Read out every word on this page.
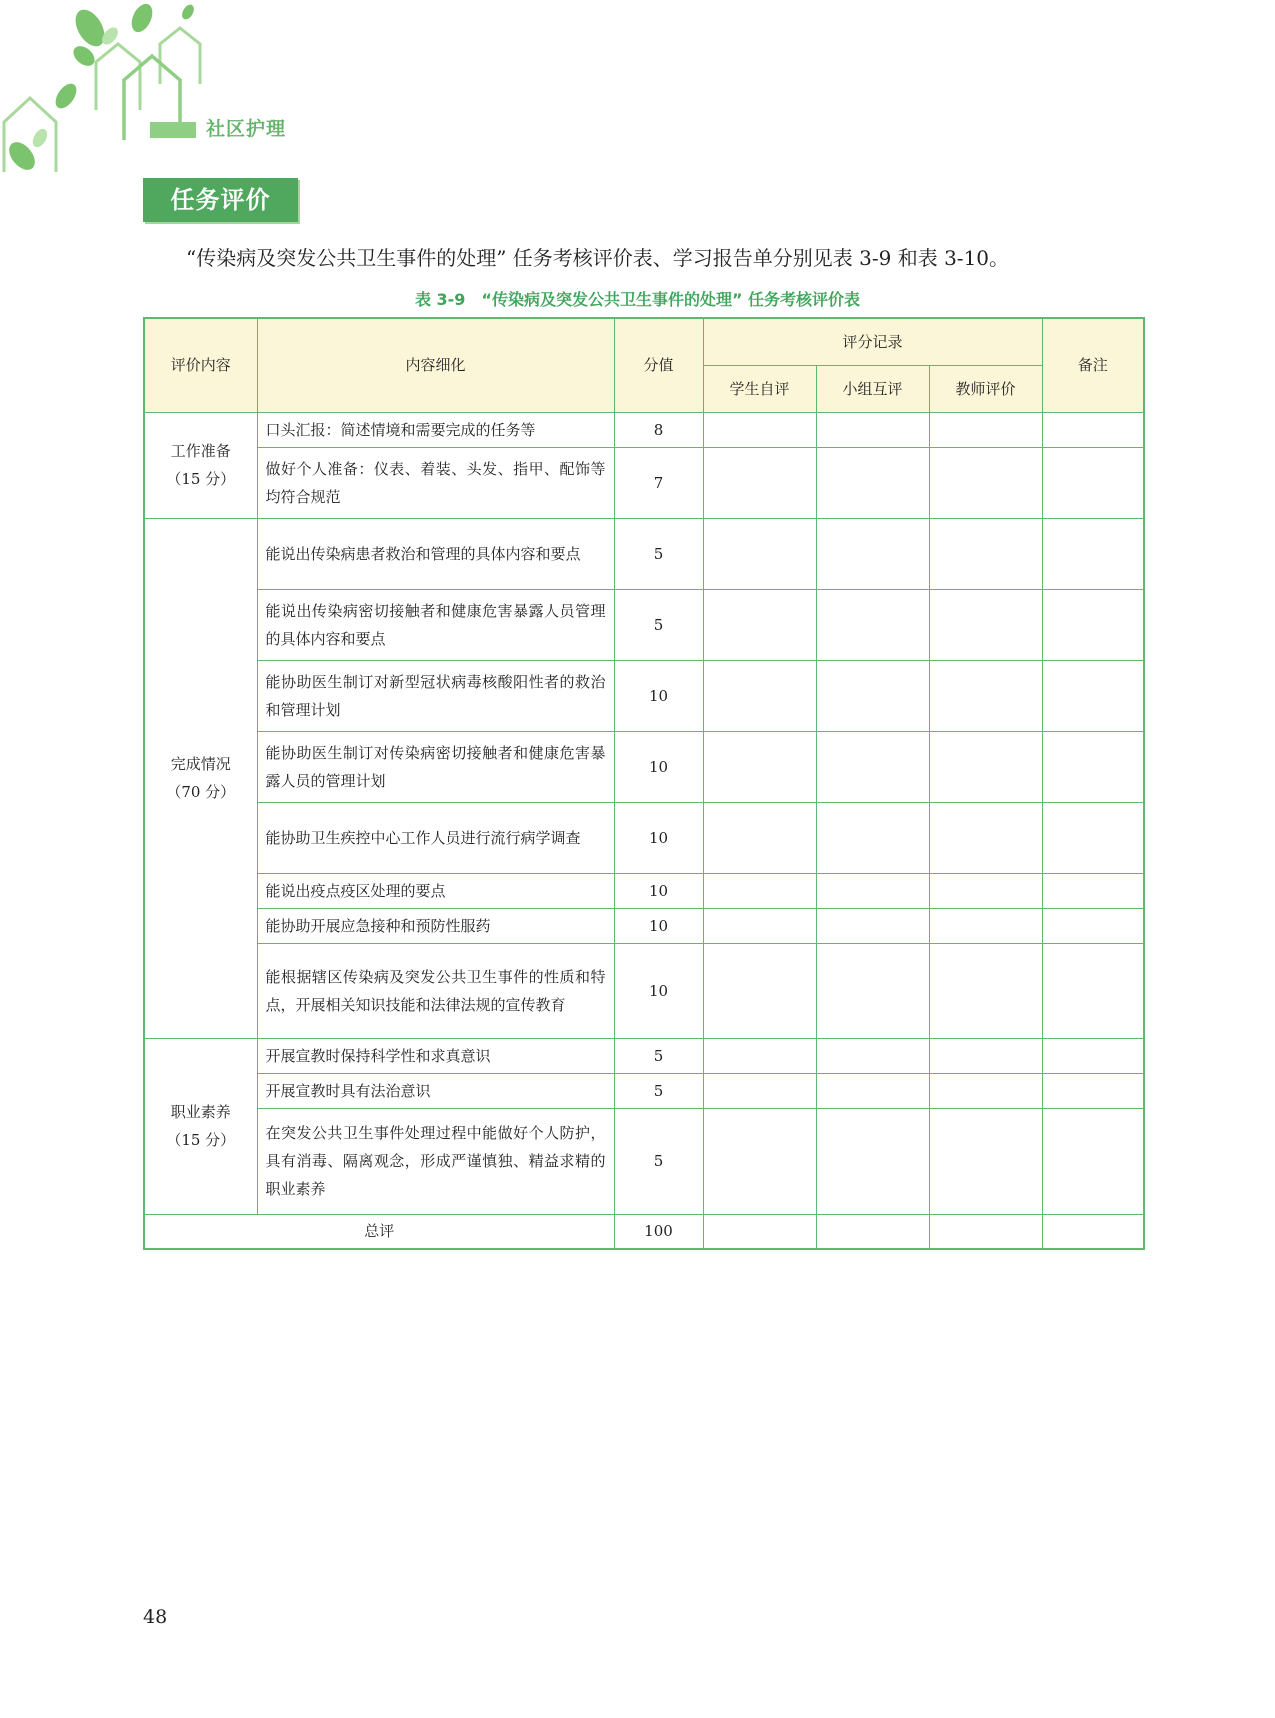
社区护理
任务评价
“传染病及突发公共卫生事件的处理” 任务考核评价表、学习报告单分别见表 3-9 和表 3-10。
表 3-9　“传染病及突发公共卫生事件的处理” 任务考核评价表
评价内容	内容细化	分值	评分记录			备注
			学生自评	小组互评	教师评价	

工作准备
（15 分）	口头汇报：简述情境和需要完成的任务等	8				
	做好个人准备：仪表、着装、头发、指甲、配饰等均符合规范	7				

完成情况
（70 分）	能说出传染病患者救治和管理的具体内容和要点	5				
	能说出传染病密切接触者和健康危害暴露人员管理的具体内容和要点	5				
	能协助医生制订对新型冠状病毒核酸阳性者的救治和管理计划	10				
	能协助医生制订对传染病密切接触者和健康危害暴露人员的管理计划	10				
	能协助卫生疾控中心工作人员进行流行病学调查	10				
	能说出疫点疫区处理的要点	10				
	能协助开展应急接种和预防性服药	10				
	能根据辖区传染病及突发公共卫生事件的性质和特点，开展相关知识技能和法律法规的宣传教育	10				

职业素养
（15 分）	开展宣教时保持科学性和求真意识	5				
	开展宣教时具有法治意识	5				
	在突发公共卫生事件处理过程中能做好个人防护，具有消毒、隔离观念，形成严谨慎独、精益求精的职业素养	5				
总评		100				
48
